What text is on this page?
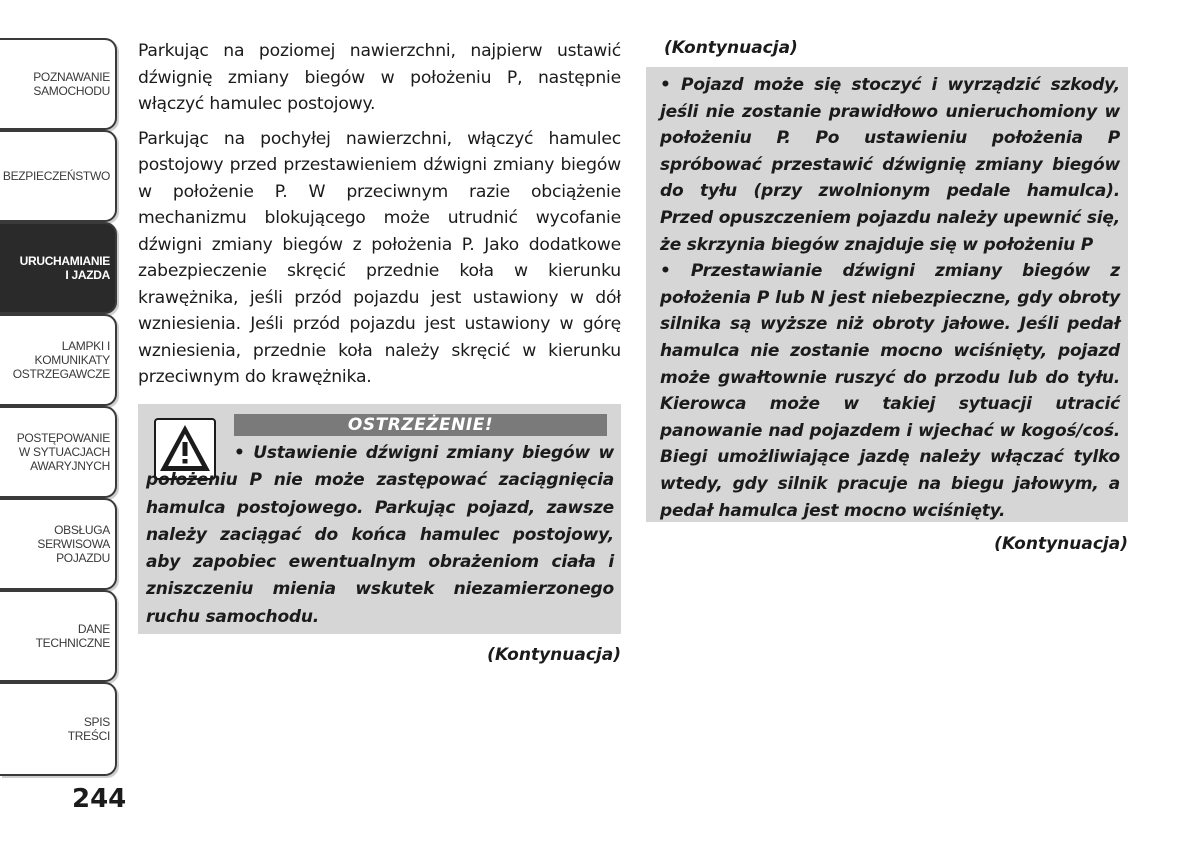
POZNAWANIE
SAMOCHODU
BEZPIECZEŃSTWO
URUCHAMIANIE
I JAZDA
LAMPKI I
KOMUNIKATY
OSTRZEGAWCZE
POSTĘPOWANIE
W SYTUACJACH
AWARYJNYCH
OBSŁUGA
SERWISOWA
POJAZDU
DANE
TECHNICZNE
SPIS
TREŚCI
244

Parkując na poziomej nawierzchni, najpierw ustawić dźwignię zmiany biegów w położeniu P, następnie włączyć hamulec postojowy.

Parkując na pochyłej nawierzchni, włączyć hamulec postojowy przed przestawieniem dźwigni zmiany biegów w położenie P. W przeciwnym razie obciążenie mechanizmu blokującego może utrudnić wycofanie dźwigni zmiany biegów z położenia P. Jako dodatkowe zabezpieczenie skręcić przednie koła w kierunku krawężnika, jeśli przód pojazdu jest ustawiony w dół wzniesienia. Jeśli przód pojazdu jest ustawiony w górę wzniesienia, przednie koła należy skręcić w kierunku przeciwnym do krawężnika.

OSTRZEŻENIE!
• Ustawienie dźwigni zmiany biegów w położeniu P nie może zastępować zaciągnięcia hamulca postojowego. Parkując pojazd, zawsze należy zaciągać do końca hamulec postojowy, aby zapobiec ewentualnym obrażeniom ciała i zniszczeniu mienia wskutek niezamierzonego ruchu samochodu.
(Kontynuacja)
(Kontynuacja)

• Pojazd może się stoczyć i wyrządzić szkody, jeśli nie zostanie prawidłowo unieruchomiony w położeniu P. Po ustawieniu położenia P spróbować przestawić dźwignię zmiany biegów do tyłu (przy zwolnionym pedale hamulca). Przed opuszczeniem pojazdu należy upewnić się, że skrzynia biegów znajduje się w położeniu P

• Przestawianie dźwigni zmiany biegów z położenia P lub N jest niebezpieczne, gdy obroty silnika są wyższe niż obroty jałowe. Jeśli pedał hamulca nie zostanie mocno wciśnięty, pojazd może gwałtownie ruszyć do przodu lub do tyłu. Kierowca może w takiej sytuacji utracić panowanie nad pojazdem i wjechać w kogoś/coś. Biegi umożliwiające jazdę należy włączać tylko wtedy, gdy silnik pracuje na biegu jałowym, a pedał hamulca jest mocno wciśnięty.

(Kontynuacja)
